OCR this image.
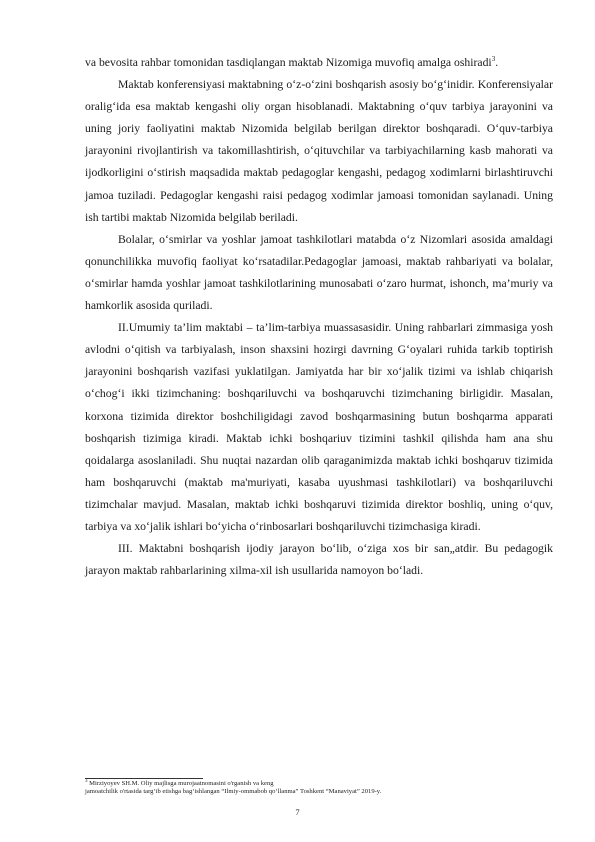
va bevosita rahbar tomonidan tasdiqlangan maktab Nizomiga muvofiq amalga oshiradi$^3$.

Maktab konferensiyasi maktabning o‘z-o‘zini boshqarish asosiy bo‘g‘inidir. Konferensiyalar oralig‘ida esa maktab kengashi oliy organ hisoblanadi. Maktabning o‘quv tarbiya jarayonini va uning joriy faoliyatini maktab Nizomida belgilab berilgan direktor boshqaradi. O‘quv-tarbiya jarayonini rivojlantirish va takomillashtirish, o‘qituvchilar va tarbiyachilarning kasb mahorati va ijodkorligini o‘stirish maqsadida maktab pedagoglar kengashi, pedagog xodimlarni birlashtiruvchi jamoa tuziladi. Pedagoglar kengashi raisi pedagog xodimlar jamoasi tomonidan saylanadi. Uning ish tartibi maktab Nizomida belgilab beriladi.

Bolalar, o‘smirlar va yoshlar jamoat tashkilotlari matabda o‘z Nizomlari asosida amaldagi qonunchilikka muvofiq faoliyat ko‘rsatadilar.Pedagoglar jamoasi, maktab rahbariyati va bolalar, o‘smirlar hamda yoshlar jamoat tashkilotlarining munosabati o‘zaro hurmat, ishonch, ma’muriy va hamkorlik asosida quriladi.

II.Umumiy ta’lim maktabi – ta’lim-tarbiya muassasasidir. Uning rahbarlari zimmasiga yosh avlodni o‘qitish va tarbiyalash, inson shaxsini hozirgi davrning G‘oyalari ruhida tarkib toptirish jarayonini boshqarish vazifasi yuklatilgan. Jamiyatda har bir xo‘jalik tizimi va ishlab chiqarish o‘chog‘i ikki tizimchaning: boshqariluvchi va boshqaruvchi tizimchaning birligidir. Masalan, korxona tizimida direktor boshchiligidagi zavod boshqarmasining butun boshqarma apparati boshqarish tizimiga kiradi. Maktab ichki boshqariuv tizimini tashkil qilishda ham ana shu qoidalarga asoslaniladi. Shu nuqtai nazardan olib qaraganimizda maktab ichki boshqaruv tizimida ham boshqaruvchi (maktab ma'muriyati, kasaba uyushmasi tashkilotlari) va boshqariluvchi tizimchalar mavjud. Masalan, maktab ichki boshqaruvi tizimida direktor boshliq, uning o‘quv, tarbiya va xo‘jalik ishlari bo‘yicha o‘rinbosarlari boshqariluvchi tizimchasiga kiradi.

III. Maktabni boshqarish ijodiy jarayon bo‘lib, o‘ziga xos bir san„atdir. Bu pedagogik jarayon maktab rahbarlarining xilma-xil ish usullarida namoyon bo‘ladi.

$^3$ Mirziyoyev SH.M. Oliy majlisga murojaatnomasini o'rganish va keng

jamoatchilik o'rtasida targ‘ib etishga bag‘ishlangan “Ilmiy-ommabob qo‘llanma” Toshkent “Manaviyat” 2019-y.

7
